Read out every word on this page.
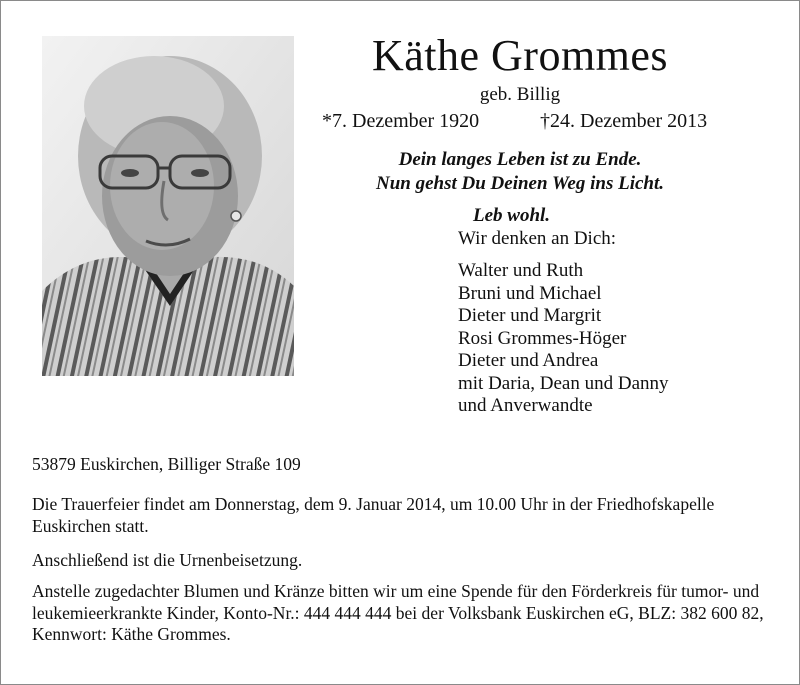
Käthe Grommes
geb. Billig
*7. Dezember 1920	†24. Dezember 2013
Dein langes Leben ist zu Ende.
Nun gehst Du Deinen Weg ins Licht.
Leb wohl.
Wir denken an Dich:
Walter und Ruth
Bruni und Michael
Dieter und Margrit
Rosi Grommes-Höger
Dieter und Andrea
mit Daria, Dean und Danny
und Anverwandte

53879 Euskirchen, Billiger Straße 109

Die Trauerfeier findet am Donnerstag, dem 9. Januar 2014, um 10.00 Uhr in der Friedhofskapelle Euskirchen statt.

Anschließend ist die Urnenbeisetzung.

Anstelle zugedachter Blumen und Kränze bitten wir um eine Spende für den Förderkreis für tumor- und leukemieerkrankte Kinder, Konto-Nr.: 444 444 444 bei der Volksbank Euskirchen eG, BLZ: 382 600 82, Kennwort: Käthe Grommes.
